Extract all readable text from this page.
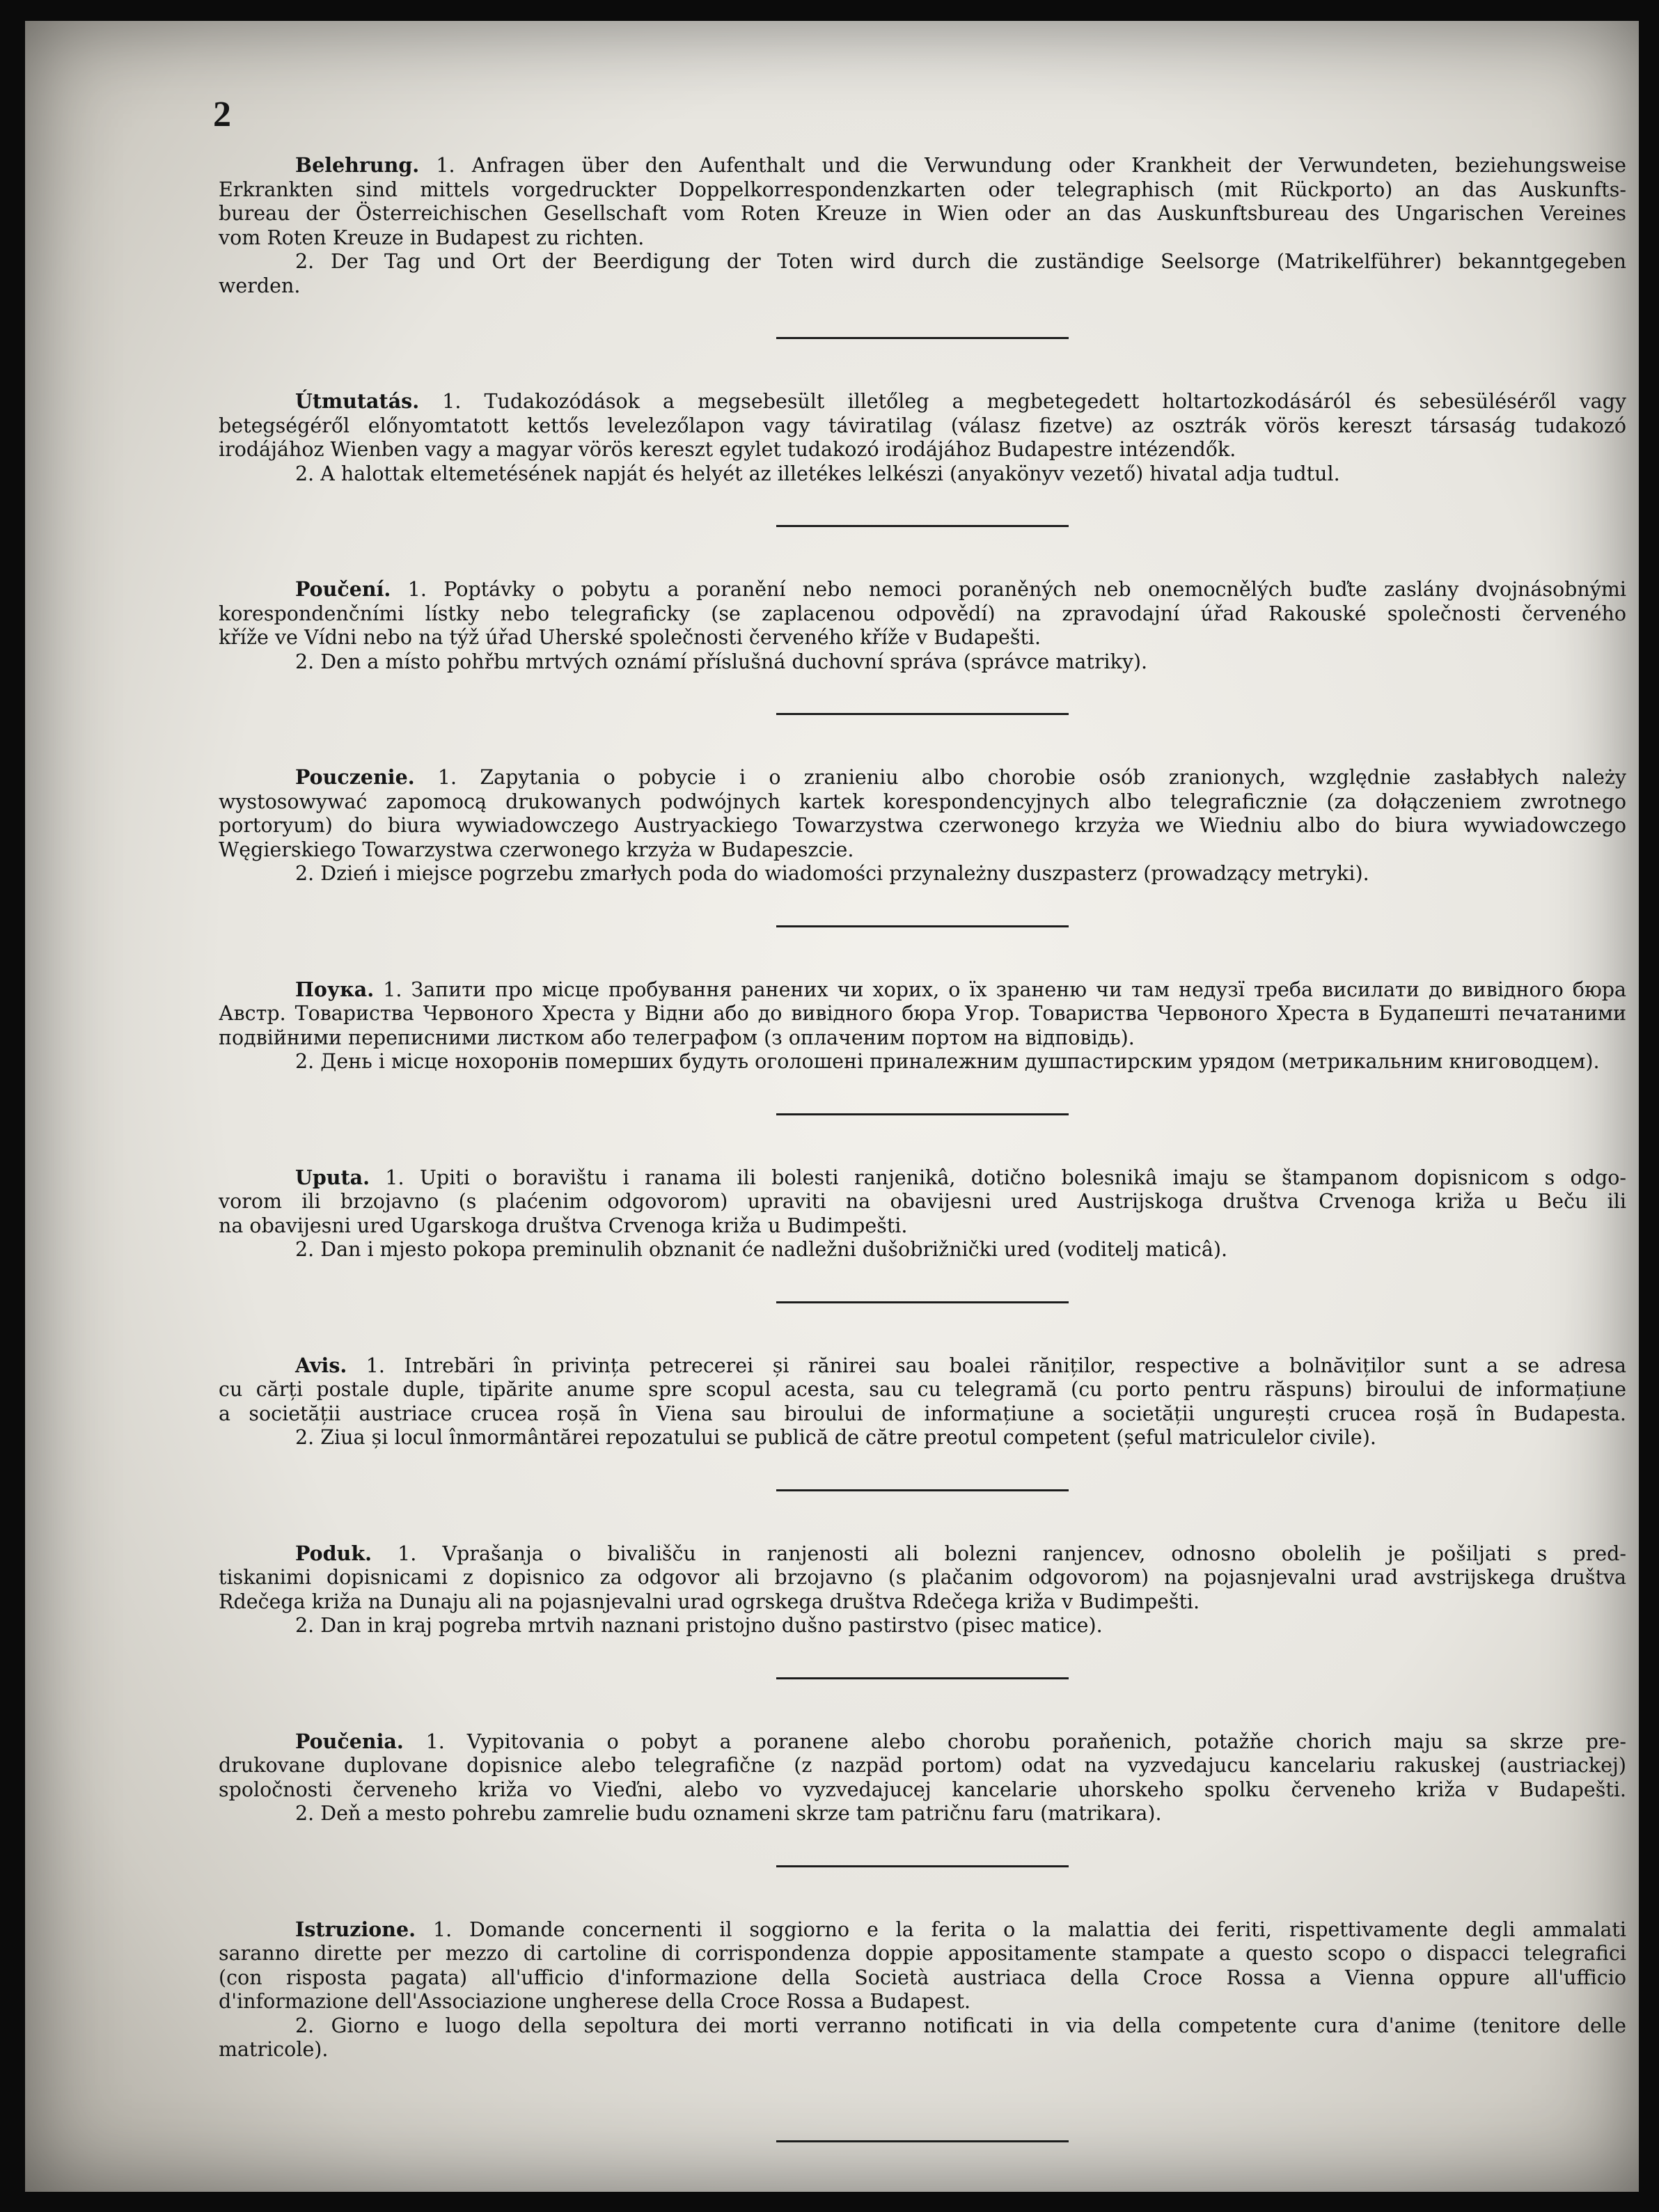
2

Belehrung. 1. Anfragen über den Aufenthalt und die Verwundung oder Krankheit der Verwundeten, beziehungsweise

Erkrankten sind mittels vorgedruckter Doppelkorrespondenzkarten oder telegraphisch (mit Rückporto) an das Auskunfts-

bureau der Österreichischen Gesellschaft vom Roten Kreuze in Wien oder an das Auskunftsbureau des Ungarischen Vereines

vom Roten Kreuze in Budapest zu richten.

2. Der Tag und Ort der Beerdigung der Toten wird durch die zuständige Seelsorge (Matrikelführer) bekanntgegeben

werden.

Útmutatás. 1. Tudakozódások a megsebesült illetőleg a megbetegedett holtartozkodásáról és sebesüléséről vagy

betegségéről előnyomtatott kettős levelezőlapon vagy táviratilag (válasz fizetve) az osztrák vörös kereszt társaság tudakozó

irodájához Wienben vagy a magyar vörös kereszt egylet tudakozó irodájához Budapestre intézendők.

2. A halottak eltemetésének napját és helyét az illetékes lelkészi (anyakönyv vezető) hivatal adja tudtul.

Poučení. 1. Poptávky o pobytu a poranění nebo nemoci poraněných neb onemocnělých buďte zaslány dvojnásobnými

korespondenčními lístky nebo telegraficky (se zaplacenou odpovědí) na zpravodajní úřad Rakouské společnosti červeného

kříže ve Vídni nebo na týž úřad Uherské společnosti červeného kříže v Budapešti.

2. Den a místo pohřbu mrtvých oznámí příslušná duchovní správa (správce matriky).

Pouczenie. 1. Zapytania o pobycie i o zranieniu albo chorobie osób zranionych, względnie zasłabłych należy

wystosowywać zapomocą drukowanych podwójnych kartek korespondencyjnych albo telegraficznie (za dołączeniem zwrotnego

portoryum) do biura wywiadowczego Austryackiego Towarzystwa czerwonego krzyża we Wiedniu albo do biura wywiadowczego

Węgierskiego Towarzystwa czerwonego krzyża w Budapeszcie.

2. Dzień i miejsce pogrzebu zmarłych poda do wiadomości przynależny duszpasterz (prowadzący metryki).

Поука. 1. Запити про місце пробування ранених чи хорих, о їх зраненю чи там недузї треба висилати до вивідного бюра

Австр. Товариства Червоного Хреста у Відни або до вивідного бюра Угор. Товариства Червоного Хреста в Будапешті печатаними

подвійними переписними листком або телеграфом (з оплаченим портом на відповідь).

2. День і місце нохоронів померших будуть оголошені приналежним душпастирским урядом (метрикальним книговодцем).

Uputa. 1. Upiti o boravištu i ranama ili bolesti ranjenikâ, dotično bolesnikâ imaju se štampanom dopisnicom s odgo-

vorom ili brzojavno (s plaćenim odgovorom) upraviti na obavijesni ured Austrijskoga društva Crvenoga križa u Beču ili

na obavijesni ured Ugarskoga društva Crvenoga križa u Budimpešti.

2. Dan i mjesto pokopa preminulih obznanit će nadležni dušobrižnički ured (voditelj maticâ).

Avis. 1. Intrebări în privința petrecerei și rănirei sau boalei răniților, respective a bolnăviților sunt a se adresa

cu cărți postale duple, tipărite anume spre scopul acesta, sau cu telegramă (cu porto pentru răspuns) biroului de informațiune

a societății austriace crucea roșă în Viena sau biroului de informațiune a societății ungurești crucea roșă în Budapesta.

2. Ziua și locul înmormântărei repozatului se publică de către preotul competent (șeful matriculelor civile).

Poduk. 1. Vprašanja o bivališču in ranjenosti ali bolezni ranjencev, odnosno obolelih je pošiljati s pred-

tiskanimi dopisnicami z dopisnico za odgovor ali brzojavno (s plačanim odgovorom) na pojasnjevalni urad avstrijskega društva

Rdečega križa na Dunaju ali na pojasnjevalni urad ogrskega društva Rdečega križa v Budimpešti.

2. Dan in kraj pogreba mrtvih naznani pristojno dušno pastirstvo (pisec matice).

Poučenia. 1. Vypitovania o pobyt a poranene alebo chorobu poraňenich, potažňe chorich maju sa skrze pre-

drukovane duplovane dopisnice alebo telegrafične (z nazpäd portom) odat na vyzvedajucu kancelariu rakuskej (austriackej)

spoločnosti červeneho križa vo Vieďni, alebo vo vyzvedajucej kancelarie uhorskeho spolku červeneho križa v Budapešti.

2. Deň a mesto pohrebu zamrelie budu oznameni skrze tam patričnu faru (matrikara).

Istruzione. 1. Domande concernenti il soggiorno e la ferita o la malattia dei feriti, rispettivamente degli ammalati

saranno dirette per mezzo di cartoline di corrispondenza doppie appositamente stampate a questo scopo o dispacci telegrafici

(con risposta pagata) all'ufficio d'informazione della Società austriaca della Croce Rossa a Vienna oppure all'ufficio

d'informazione dell'Associazione ungherese della Croce Rossa a Budapest.

2. Giorno e luogo della sepoltura dei morti verranno notificati in via della competente cura d'anime (tenitore delle

matricole).
